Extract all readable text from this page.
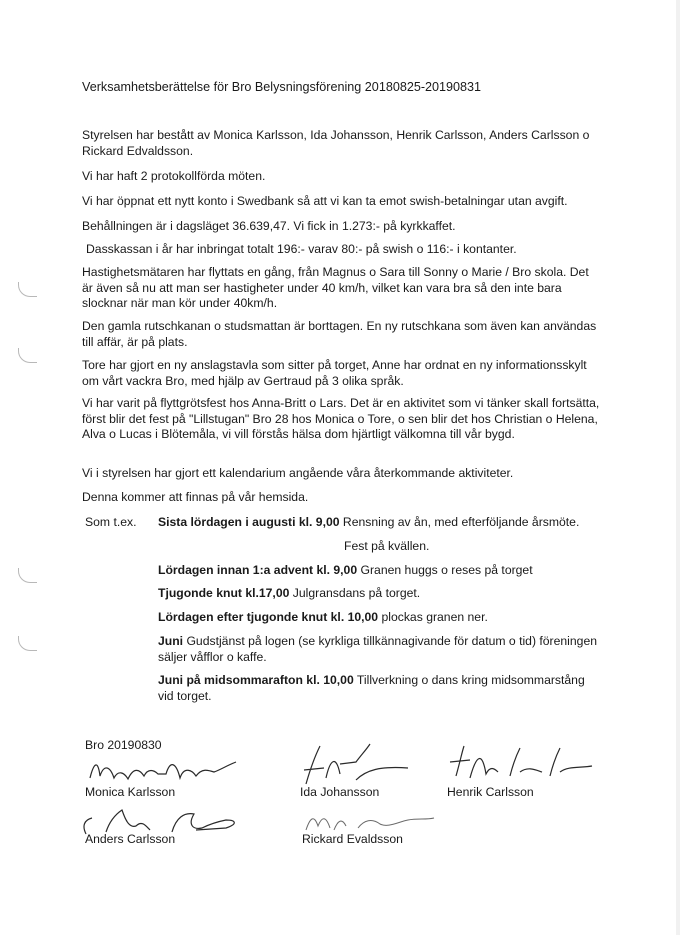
Verksamhetsberättelse för Bro Belysningsförening 20180825-20190831

Styrelsen har bestått av Monica Karlsson, Ida Johansson, Henrik Carlsson, Anders Carlsson o Rickard Edvaldsson.

Vi har haft 2 protokollförda möten.

Vi har öppnat ett nytt konto i Swedbank så att vi kan ta emot swish-betalningar utan avgift.

Behållningen är i dagsläget 36.639,47. Vi fick in 1.273:- på kyrkkaffet.

Dasskassan i år har inbringat totalt 196:- varav 80:- på swish o 116:- i kontanter.

Hastighetsmätaren har flyttats en gång, från Magnus o Sara till Sonny o Marie / Bro skola. Det är även så nu att man ser hastigheter under 40 km/h, vilket kan vara bra så den inte bara slocknar när man kör under 40km/h.

Den gamla rutschkanan o studsmattan är borttagen. En ny rutschkana som även kan användas till affär, är på plats.

Tore har gjort en ny anslagstavla som sitter på torget, Anne har ordnat en ny informationsskylt om vårt vackra Bro, med hjälp av Gertraud på 3 olika språk.

Vi har varit på flyttgrötsfest hos Anna-Britt o Lars. Det är en aktivitet som vi tänker skall fortsätta, först blir det fest på "Lillstugan" Bro 28 hos Monica o Tore, o sen blir det hos Christian o Helena, Alva o Lucas i Blötemåla, vi vill förstås hälsa dom hjärtligt välkomna till vår bygd.

Vi i styrelsen har gjort ett kalendarium angående våra återkommande aktiviteter.

Denna kommer att finnas på vår hemsida.

Som t.ex. Sista lördagen i augusti kl. 9,00 Rensning av ån, med efterföljande årsmöte.
Fest på kvällen.
Lördagen innan 1:a advent kl. 9,00 Granen huggs o reses på torget
Tjugonde knut kl.17,00 Julgransdans på torget.
Lördagen efter tjugonde knut kl. 10,00 plockas granen ner.
Juni Gudstjänst på logen (se kyrkliga tillkännagivande för datum o tid) föreningen säljer våfflor o kaffe.
Juni på midsommarafton kl. 10,00 Tillverkning o dans kring midsommarstång vid torget.
Bro 20190830
Monica Karlsson	Ida Johansson	Henrik Carlsson
Anders Carlsson	Rickard Evaldsson
